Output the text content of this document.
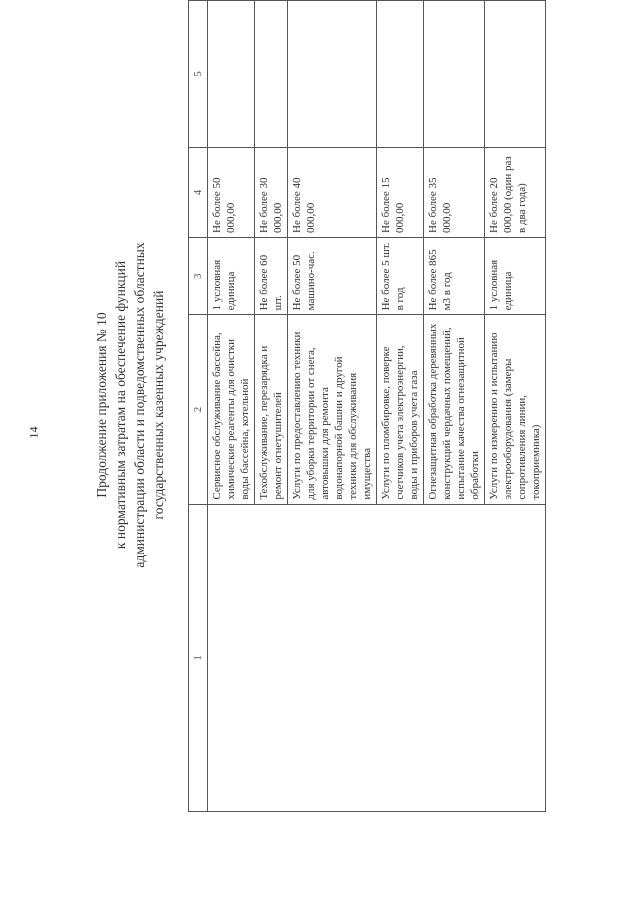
14	Продолжение приложения № 10 к нормативным затратам на обеспечение функций администрации области и подведомственных областных государственных казенных учреждений
1	2	3	4	5
	Сервисное обслуживание бассейна, химические реагенты для очистки воды бассейна, котельной	1 условная единица	Не более 50 000,00	
	Техобслуживание, перезарядка и ремонт огнетушителей	Не более 60 шт.	Не более 30 000,00	
	Услуги по предоставлению техники для уборки территории от снега, автовышки для ремонта водонапорной башни и другой техники для обслуживания имущества	Не более 50 машино-час.	Не более 40 000,00	
	Услуги по пломбировке, поверке счетчиков учета электроэнергии, воды и приборов учета газа	Не более 5 шт. в год	Не более 15 000,00	
	Огнезащитная обработка деревянных конструкций чердачных помещений, испытание качества огнезащитной обработки	Не более 865 м3 в год	Не более 35 000,00	
	Услуги по измерению и испытанию электрооборудования (замеры сопротивления линии, токоприемника)	1 условная единица	Не более 20 000,00 (один раз в два года)	
